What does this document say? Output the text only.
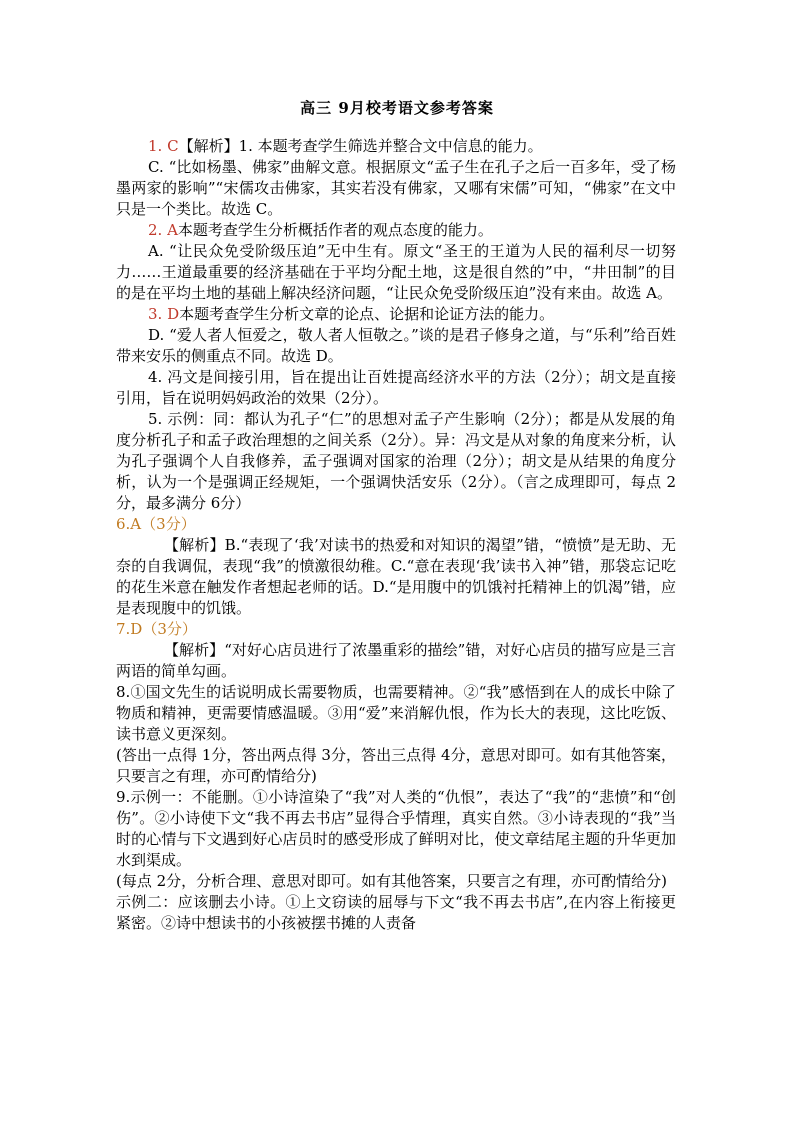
高三 9月校考语文参考答案

1. C【解析】1. 本题考查学生筛选并整合文中信息的能力。

C. “比如杨墨、佛家”曲解文意。根据原文“孟子生在孔子之后一百多年，受了杨墨两家的影响”“宋儒攻击佛家，其实若没有佛家，又哪有宋儒”可知，“佛家”在文中只是一个类比。故选 C。

2. A本题考查学生分析概括作者的观点态度的能力。

A. “让民众免受阶级压迫”无中生有。原文“圣王的王道为人民的福利尽一切努力……王道最重要的经济基础在于平均分配土地，这是很自然的”中，“井田制”的目的是在平均土地的基础上解决经济问题，“让民众免受阶级压迫”没有来由。故选 A。

3. D本题考查学生分析文章的论点、论据和论证方法的能力。

D. “爱人者人恒爱之，敬人者人恒敬之。”谈的是君子修身之道，与“乐利”给百姓带来安乐的侧重点不同。故选 D。

4. 冯文是间接引用，旨在提出让百姓提高经济水平的方法（2分）；胡文是直接引用，旨在说明妈妈政治的效果（2分）。

5. 示例：同：都认为孔子“仁”的思想对孟子产生影响（2分）；都是从发展的角度分析孔子和孟子政治理想的之间关系（2分）。异：冯文是从对象的角度来分析，认为孔子强调个人自我修养，孟子强调对国家的治理（2分）；胡文是从结果的角度分析，认为一个是强调正经规矩，一个强调快活安乐（2分）。（言之成理即可，每点 2分，最多满分 6分）

6.A（3分）

【解析】B.“表现了‘我’对读书的热爱和对知识的渴望”错，“愤愤”是无助、无奈的自我调侃，表现“我”的愤激很幼稚。C.“意在表现‘我’读书入神”错，那袋忘记吃的花生米意在触发作者想起老师的话。D.“是用腹中的饥饿衬托精神上的饥渴”错，应是表现腹中的饥饿。

7.D（3分）

【解析】“对好心店员进行了浓墨重彩的描绘”错，对好心店员的描写应是三言两语的简单勾画。

8.①国文先生的话说明成长需要物质，也需要精神。②“我”感悟到在人的成长中除了物质和精神，更需要情感温暖。③用“爱”来消解仇恨，作为长大的表现，这比吃饭、读书意义更深刻。

(答出一点得 1分，答出两点得 3分，答出三点得 4分，意思对即可。如有其他答案，只要言之有理，亦可酌情给分)

9.示例一：不能删。①小诗渲染了“我”对人类的“仇恨”，表达了“我”的“悲愤”和“创伤”。②小诗使下文“我不再去书店”显得合乎情理，真实自然。③小诗表现的“我”当时的心情与下文遇到好心店员时的感受形成了鲜明对比，使文章结尾主题的升华更加水到渠成。

(每点 2分，分析合理、意思对即可。如有其他答案，只要言之有理，亦可酌情给分)

示例二：应该删去小诗。①上文窃读的屈辱与下文“我不再去书店”,在内容上衔接更紧密。②诗中想读书的小孩被摆书摊的人责备
